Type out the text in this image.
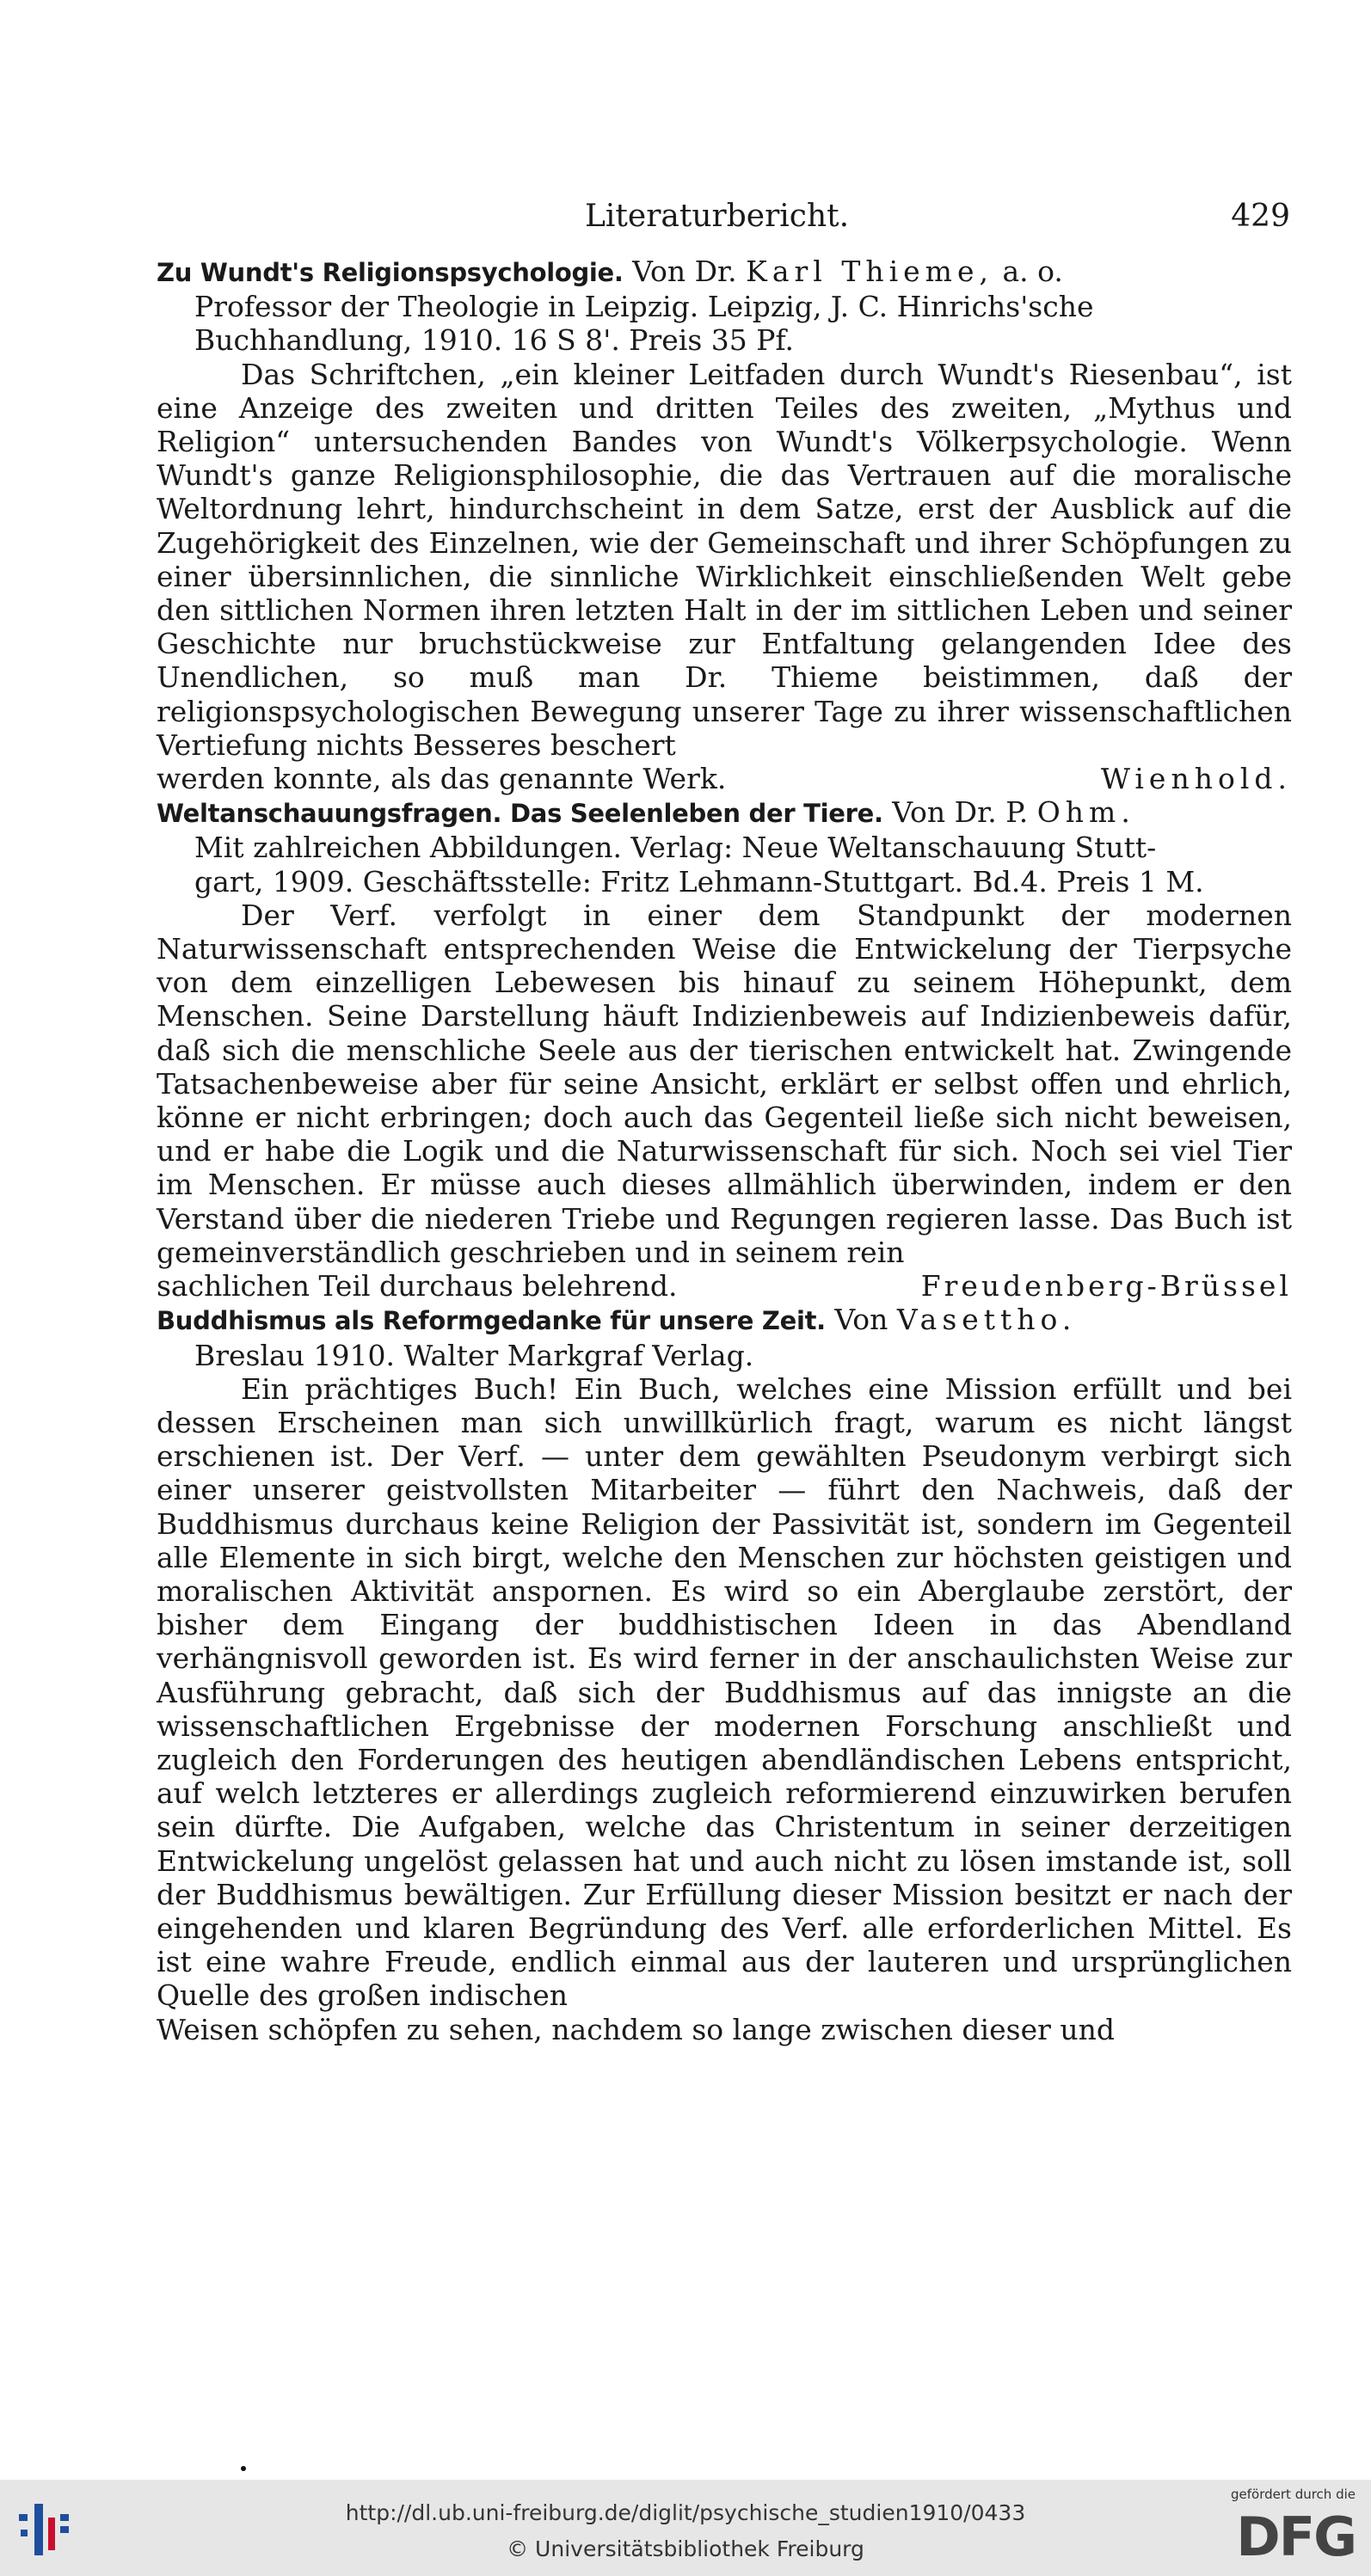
Literaturbericht.	429

Zu Wundt's Religionspsychologie. Von Dr. Karl Thieme, a. o.

Professor der Theologie in Leipzig. Leipzig, J. C. Hinrichs'sche

Buchhandlung, 1910. 16 S 8'. Preis 35 Pf.

Das Schriftchen, „ein kleiner Leitfaden durch Wundt's Riesenbau“, ist eine Anzeige des zweiten und dritten Teiles des zweiten, „Mythus und Religion“ untersuchenden Bandes von Wundt's Völkerpsychologie. Wenn Wundt's ganze Religionsphilosophie, die das Vertrauen auf die moralische Weltordnung lehrt, hindurchscheint in dem Satze, erst der Ausblick auf die Zugehörigkeit des Einzelnen, wie der Gemeinschaft und ihrer Schöpfungen zu einer übersinnlichen, die sinnliche Wirklichkeit einschließenden Welt gebe den sittlichen Normen ihren letzten Halt in der im sittlichen Leben und seiner Geschichte nur bruchstückweise zur Entfaltung gelangenden Idee des Unendlichen, so muß man Dr. Thieme beistimmen, daß der religionspsychologischen Bewegung unserer Tage zu ihrer wissenschaftlichen Vertiefung nichts Besseres beschert

werden konnte, als das genannte Werk.	Wienhold.

Weltanschauungsfragen. Das Seelenleben der Tiere. Von Dr. P. Ohm.

Mit zahlreichen Abbildungen. Verlag: Neue Weltanschauung Stutt-

gart, 1909. Geschäftsstelle: Fritz Lehmann-Stuttgart. Bd.4. Preis 1 M.

Der Verf. verfolgt in einer dem Standpunkt der modernen Naturwissenschaft entsprechenden Weise die Entwickelung der Tierpsyche von dem einzelligen Lebewesen bis hinauf zu seinem Höhepunkt, dem Menschen. Seine Darstellung häuft Indizienbeweis auf Indizienbeweis dafür, daß sich die menschliche Seele aus der tierischen entwickelt hat. Zwingende Tatsachenbeweise aber für seine Ansicht, erklärt er selbst offen und ehrlich, könne er nicht erbringen; doch auch das Gegenteil ließe sich nicht beweisen, und er habe die Logik und die Naturwissenschaft für sich. Noch sei viel Tier im Menschen. Er müsse auch dieses allmählich überwinden, indem er den Verstand über die niederen Triebe und Regungen regieren lasse. Das Buch ist gemeinverständlich geschrieben und in seinem rein

sachlichen Teil durchaus belehrend.	Freudenberg-Brüssel

Buddhismus als Reformgedanke für unsere Zeit. Von Vasettho.

Breslau 1910. Walter Markgraf Verlag.

Ein prächtiges Buch! Ein Buch, welches eine Mission erfüllt und bei dessen Erscheinen man sich unwillkürlich fragt, warum es nicht längst erschienen ist. Der Verf. — unter dem gewählten Pseudonym verbirgt sich einer unserer geistvollsten Mitarbeiter — führt den Nachweis, daß der Buddhismus durchaus keine Religion der Passivität ist, sondern im Gegenteil alle Elemente in sich birgt, welche den Menschen zur höchsten geistigen und moralischen Aktivität anspornen. Es wird so ein Aberglaube zerstört, der bisher dem Eingang der buddhistischen Ideen in das Abendland verhängnisvoll geworden ist. Es wird ferner in der anschaulichsten Weise zur Ausführung gebracht, daß sich der Buddhismus auf das innigste an die wissenschaftlichen Ergebnisse der modernen Forschung anschließt und zugleich den Forderungen des heutigen abendländischen Lebens entspricht, auf welch letzteres er allerdings zugleich reformierend einzuwirken berufen sein dürfte. Die Aufgaben, welche das Christentum in seiner derzeitigen Entwickelung ungelöst gelassen hat und auch nicht zu lösen imstande ist, soll der Buddhismus bewältigen. Zur Erfüllung dieser Mission besitzt er nach der eingehenden und klaren Begründung des Verf. alle erforderlichen Mittel. Es ist eine wahre Freude, endlich einmal aus der lauteren und ursprünglichen Quelle des großen indischen

Weisen schöpfen zu sehen, nachdem so lange zwischen dieser und

http://dl.ub.uni-freiburg.de/diglit/psychische_studien1910/0433
© Universitätsbibliothek Freiburg
gefördert durch die
DFG
